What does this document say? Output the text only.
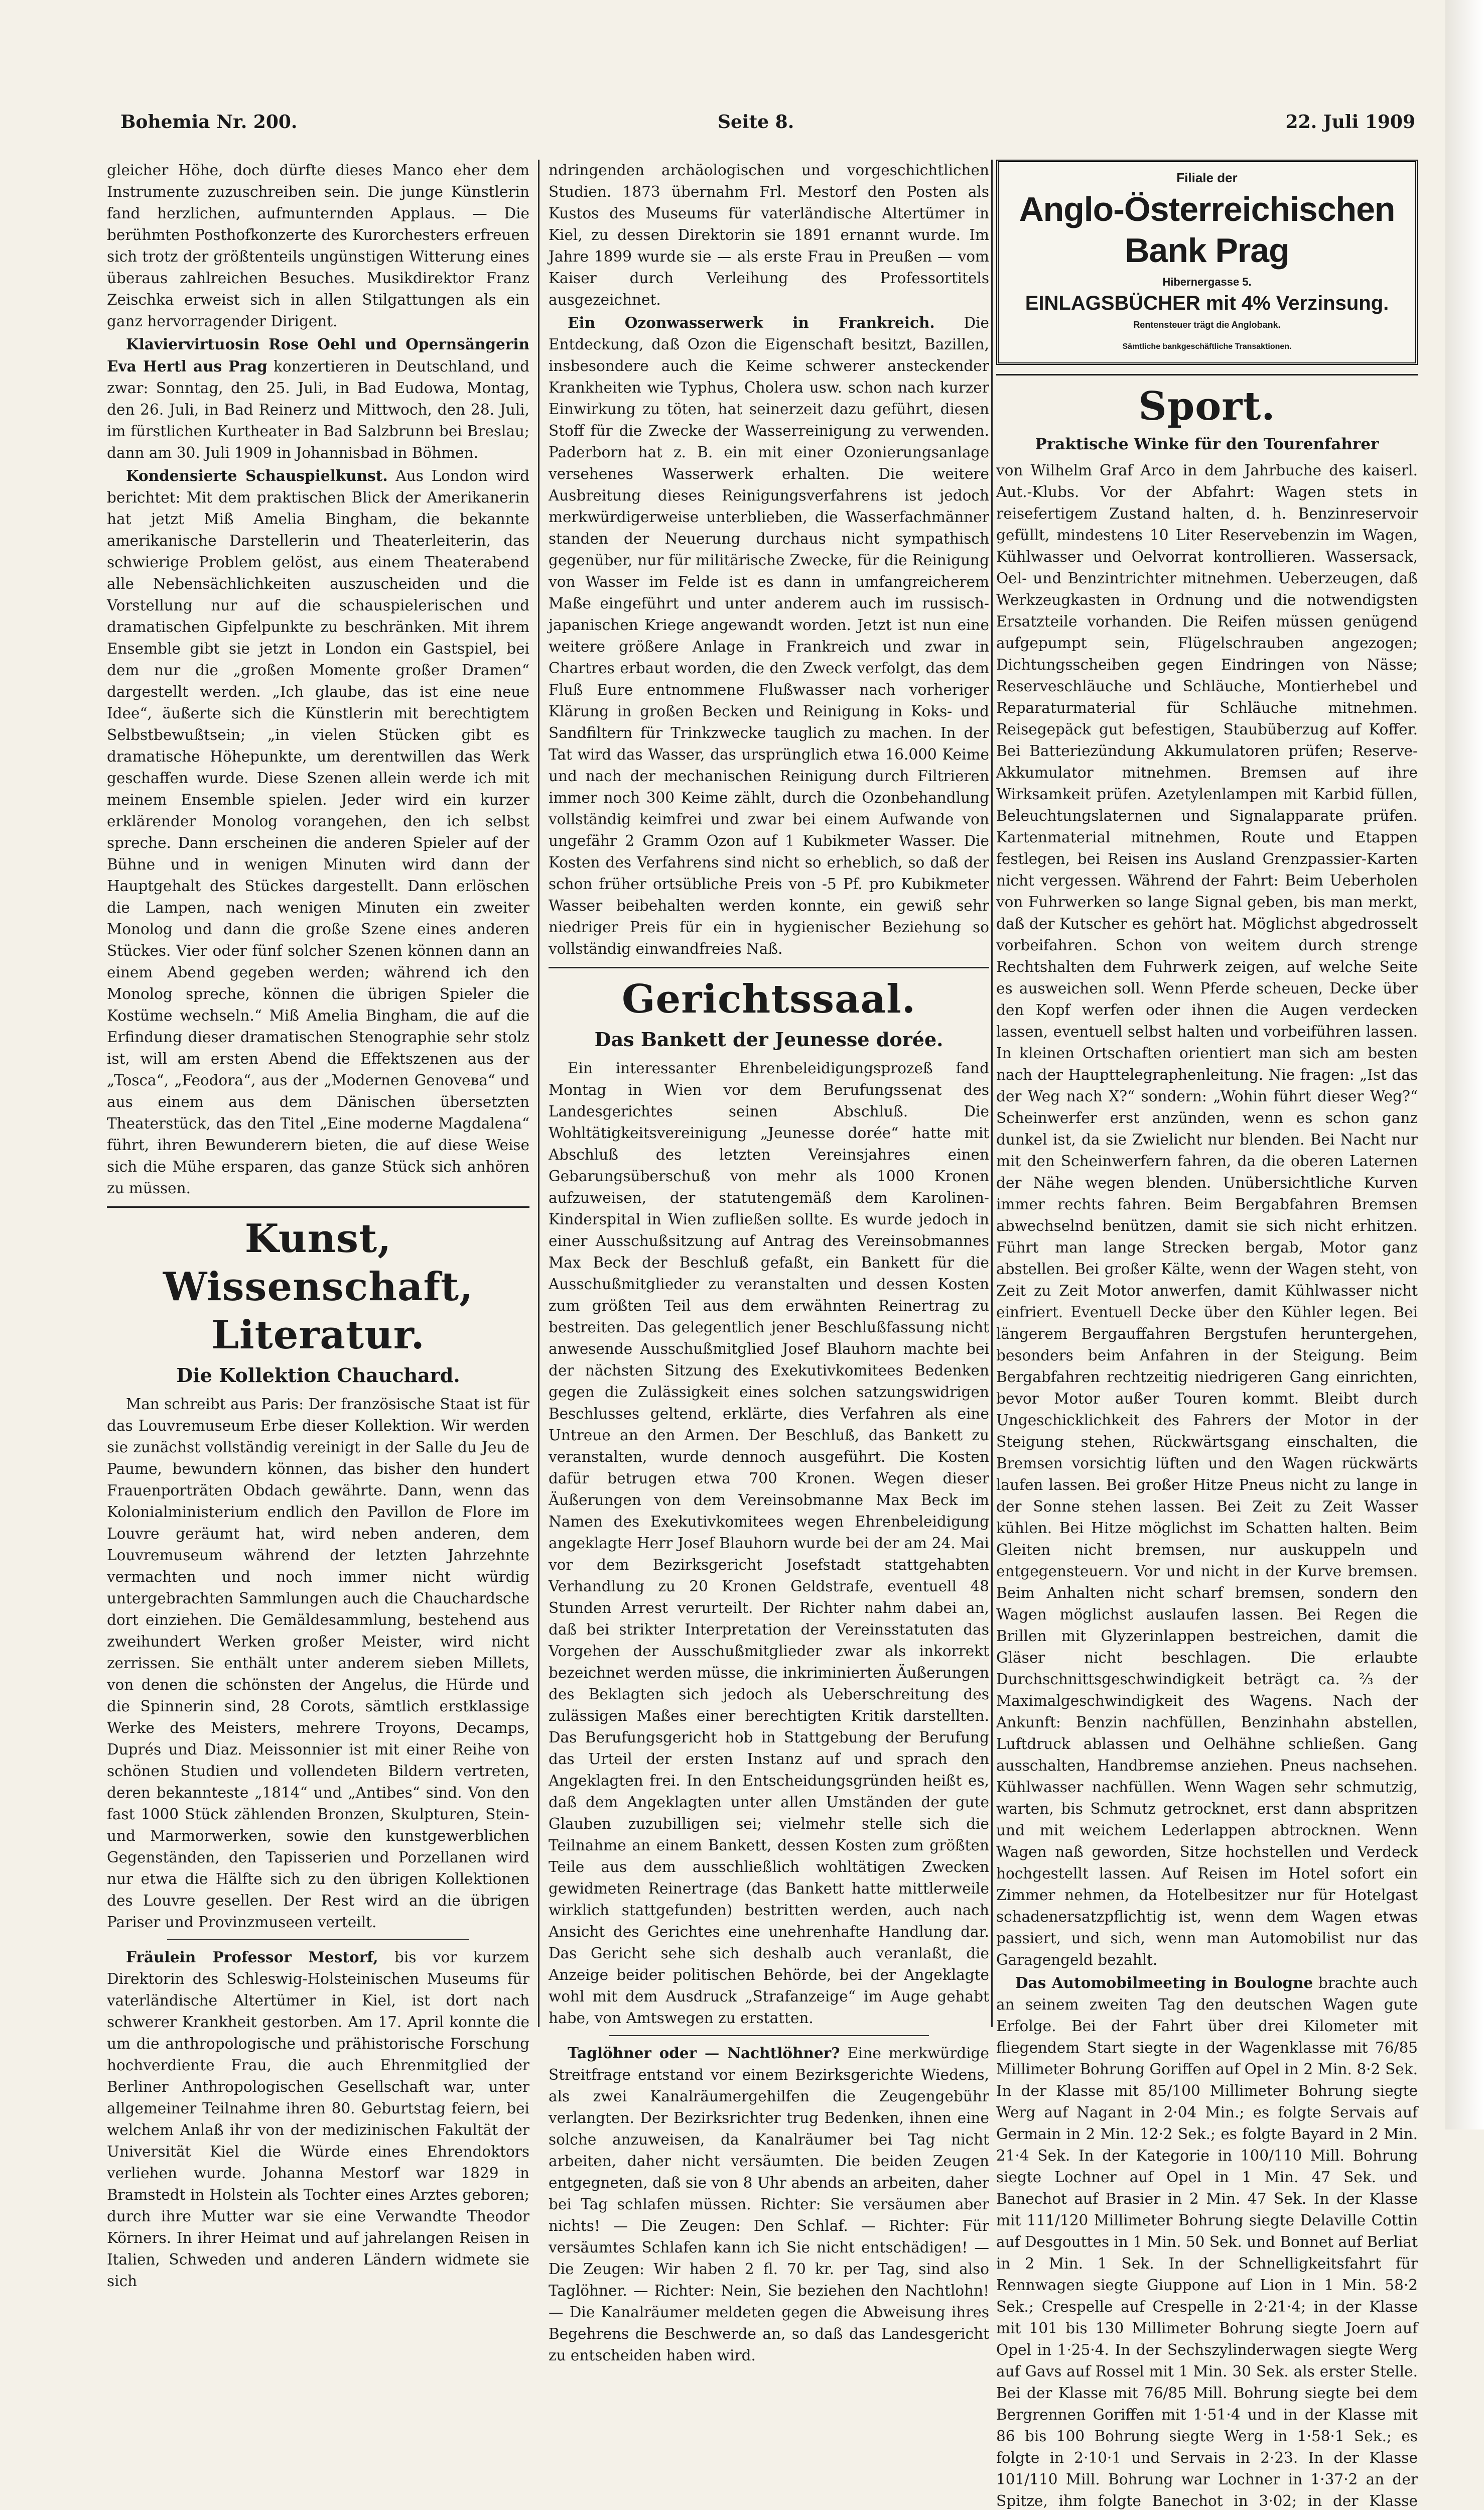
Bohemia Nr. 200.	Seite 8.	22. Juli 1909

gleicher Höhe, doch dürfte dieses Manco eher dem Instrumente zuzuschreiben sein. Die junge Künstlerin fand herzlichen, aufmunternden Applaus. — Die berühmten Posthofkonzerte des Kurorchesters erfreuen sich trotz der größtenteils ungünstigen Witterung eines überaus zahlreichen Besuches. Musikdirektor Franz Zeischka erweist sich in allen Stilgattungen als ein ganz hervorragender Dirigent.

Klaviervirtuosin Rose Oehl und Opernsängerin Eva Hertl aus Prag konzertieren in Deutschland, und zwar: Sonntag, den 25. Juli, in Bad Eudowa, Montag, den 26. Juli, in Bad Reinerz und Mittwoch, den 28. Juli, im fürstlichen Kurtheater in Bad Salzbrunn bei Breslau; dann am 30. Juli 1909 in Johannisbad in Böhmen.

Kondensierte Schauspielkunst. Aus London wird berichtet: Mit dem praktischen Blick der Amerikanerin hat jetzt Miß Amelia Bingham, die bekannte amerikanische Darstellerin und Theaterleiterin, das schwierige Problem gelöst, aus einem Theaterabend alle Nebensächlichkeiten auszuscheiden und die Vorstellung nur auf die schauspielerischen und dramatischen Gipfelpunkte zu beschränken. Mit ihrem Ensemble gibt sie jetzt in London ein Gastspiel, bei dem nur die „großen Momente großer Dramen“ dargestellt werden. „Ich glaube, das ist eine neue Idee“, äußerte sich die Künstlerin mit berechtigtem Selbstbewußtsein; „in vielen Stücken gibt es dramatische Höhepunkte, um derentwillen das Werk geschaffen wurde. Diese Szenen allein werde ich mit meinem Ensemble spielen. Jeder wird ein kurzer erklärender Monolog vorangehen, den ich selbst spreche. Dann erscheinen die anderen Spieler auf der Bühne und in wenigen Minuten wird dann der Hauptgehalt des Stückes dargestellt. Dann erlöschen die Lampen, nach wenigen Minuten ein zweiter Monolog und dann die große Szene eines anderen Stückes. Vier oder fünf solcher Szenen können dann an einem Abend gegeben werden; während ich den Monolog spreche, können die übrigen Spieler die Kostüme wechseln.“ Miß Amelia Bingham, die auf die Erfindung dieser dramatischen Stenographie sehr stolz ist, will am ersten Abend die Effektszenen aus der „Tosca“, „Feodora“, aus der „Modernen Genovева“ und aus einem aus dem Dänischen übersetzten Theaterstück, das den Titel „Eine moderne Magdalena“ führt, ihren Bewunderern bieten, die auf diese Weise sich die Mühe ersparen, das ganze Stück sich anhören zu müssen.

Kunst, Wissenschaft, Literatur.
Die Kollektion Chauchard.

Man schreibt aus Paris: Der französische Staat ist für das Louvremuseum Erbe dieser Kollektion. Wir werden sie zunächst vollständig vereinigt in der Salle du Jeu de Paume, bewundern können, das bisher den hundert Frauenporträten Obdach gewährte. Dann, wenn das Kolonialministerium endlich den Pavillon de Flore im Louvre geräumt hat, wird neben anderen, dem Louvremuseum während der letzten Jahrzehnte vermachten und noch immer nicht würdig untergebrachten Sammlungen auch die Chauchardsche dort einziehen. Die Gemäldesammlung, bestehend aus zweihundert Werken großer Meister, wird nicht zerrissen. Sie enthält unter anderem sieben Millets, von denen die schönsten der Angelus, die Hürde und die Spinnerin sind, 28 Corots, sämtlich erstklassige Werke des Meisters, mehrere Troyons, Decamps, Duprés und Diaz. Meissonnier ist mit einer Reihe von schönen Studien und vollendeten Bildern vertreten, deren bekannteste „1814“ und „Antibes“ sind. Von den fast 1000 Stück zählenden Bronzen, Skulpturen, Stein- und Marmorwerken, sowie den kunstgewerblichen Gegenständen, den Tapisserien und Porzellanen wird nur etwa die Hälfte sich zu den übrigen Kollektionen des Louvre gesellen. Der Rest wird an die übrigen Pariser und Provinzmuseen verteilt.

Fräulein Professor Mestorf, bis vor kurzem Direktorin des Schleswig-Holsteinischen Museums für vaterländische Altertümer in Kiel, ist dort nach schwerer Krankheit gestorben. Am 17. April konnte die um die anthropologische und prähistorische Forschung hochverdiente Frau, die auch Ehrenmitglied der Berliner Anthropologischen Gesellschaft war, unter allgemeiner Teilnahme ihren 80. Geburtstag feiern, bei welchem Anlaß ihr von der medizinischen Fakultät der Universität Kiel die Würde eines Ehrendoktors verliehen wurde. Johanna Mestorf war 1829 in Bramstedt in Holstein als Tochter eines Arztes geboren; durch ihre Mutter war sie eine Verwandte Theodor Körners. In ihrer Heimat und auf jahrelangen Reisen in Italien, Schweden und anderen Ländern widmete sie sich

ndringenden archäologischen und vorgeschichtlichen Studien. 1873 übernahm Frl. Mestorf den Posten als Kustos des Museums für vaterländische Altertümer in Kiel, zu dessen Direktorin sie 1891 ernannt wurde. Im Jahre 1899 wurde sie — als erste Frau in Preußen — vom Kaiser durch Verleihung des Professortitels ausgezeichnet.

Ein Ozonwasserwerk in Frankreich. Die Entdeckung, daß Ozon die Eigenschaft besitzt, Bazillen, insbesondere auch die Keime schwerer ansteckender Krankheiten wie Typhus, Cholera usw. schon nach kurzer Einwirkung zu töten, hat seinerzeit dazu geführt, diesen Stoff für die Zwecke der Wasserreinigung zu verwenden. Paderborn hat z. B. ein mit einer Ozonierungsanlage versehenes Wasserwerk erhalten. Die weitere Ausbreitung dieses Reinigungsverfahrens ist jedoch merkwürdigerweise unterblieben, die Wasserfachmänner standen der Neuerung durchaus nicht sympathisch gegenüber, nur für militärische Zwecke, für die Reinigung von Wasser im Felde ist es dann in umfangreicherem Maße eingeführt und unter anderem auch im russisch-japanischen Kriege angewandt worden. Jetzt ist nun eine weitere größere Anlage in Frankreich und zwar in Chartres erbaut worden, die den Zweck verfolgt, das dem Fluß Eure entnommene Flußwasser nach vorheriger Klärung in großen Becken und Reinigung in Koks- und Sandfiltern für Trinkzwecke tauglich zu machen. In der Tat wird das Wasser, das ursprünglich etwa 16.000 Keime und nach der mechanischen Reinigung durch Filtrieren immer noch 300 Keime zählt, durch die Ozonbehandlung vollständig keimfrei und zwar bei einem Aufwande von ungefähr 2 Gramm Ozon auf 1 Kubikmeter Wasser. Die Kosten des Verfahrens sind nicht so erheblich, so daß der schon früher ortsübliche Preis von -5 Pf. pro Kubikmeter Wasser beibehalten werden konnte, ein gewiß sehr niedriger Preis für ein in hygienischer Beziehung so vollständig einwandfreies Naß.

Gerichtssaal.
Das Bankett der Jeunesse dorée.

Ein interessanter Ehrenbeleidigungsprozeß fand Montag in Wien vor dem Berufungssenat des Landesgerichtes seinen Abschluß. Die Wohltätigkeitsvereinigung „Jeunesse dorée“ hatte mit Abschluß des letzten Vereinsjahres einen Gebarungsüberschuß von mehr als 1000 Kronen aufzuweisen, der statutengemäß dem Karolinen-Kinderspital in Wien zufließen sollte. Es wurde jedoch in einer Ausschußsitzung auf Antrag des Vereinsobmannes Max Beck der Beschluß gefaßt, ein Bankett für die Ausschußmitglieder zu veranstalten und dessen Kosten zum größten Teil aus dem erwähnten Reinertrag zu bestreiten. Das gelegentlich jener Beschlußfassung nicht anwesende Ausschußmitglied Josef Blauhorn machte bei der nächsten Sitzung des Exekutivkomitees Bedenken gegen die Zulässigkeit eines solchen satzungswidrigen Beschlusses geltend, erklärte, dies Verfahren als eine Untreue an den Armen. Der Beschluß, das Bankett zu veranstalten, wurde dennoch ausgeführt. Die Kosten dafür betrugen etwa 700 Kronen. Wegen dieser Äußerungen von dem Vereinsobmanne Max Beck im Namen des Exekutivkomitees wegen Ehrenbeleidigung angeklagte Herr Josef Blauhorn wurde bei der am 24. Mai vor dem Bezirksgericht Josefstadt stattgehabten Verhandlung zu 20 Kronen Geldstrafe, eventuell 48 Stunden Arrest verurteilt. Der Richter nahm dabei an, daß bei strikter Interpretation der Vereinsstatuten das Vorgehen der Ausschußmitglieder zwar als inkorrekt bezeichnet werden müsse, die inkriminierten Äußerungen des Beklagten sich jedoch als Ueberschreitung des zulässigen Maßes einer berechtigten Kritik darstellten. Das Berufungsgericht hob in Stattgebung der Berufung das Urteil der ersten Instanz auf und sprach den Angeklagten frei. In den Entscheidungsgründen heißt es, daß dem Angeklagten unter allen Umständen der gute Glauben zuzubilligen sei; vielmehr stelle sich die Teilnahme an einem Bankett, dessen Kosten zum größten Teile aus dem ausschließlich wohltätigen Zwecken gewidmeten Reinertrage (das Bankett hatte mittlerweile wirklich stattgefunden) bestritten werden, auch nach Ansicht des Gerichtes eine unehrenhafte Handlung dar. Das Gericht sehe sich deshalb auch veranlaßt, die Anzeige beider politischen Behörde, bei der Angeklagte wohl mit dem Ausdruck „Strafanzeige“ im Auge gehabt habe, von Amtswegen zu erstatten.

Taglöhner oder — Nachtlöhner? Eine merkwürdige Streitfrage entstand vor einem Bezirksgerichte Wiedens, als zwei Kanalräumergehilfen die Zeugengebühr verlangten. Der Bezirksrichter trug Bedenken, ihnen eine solche anzuweisen, da Kanalräumer bei Tag nicht arbeiten, daher nicht versäumten. Die beiden Zeugen entgegneten, daß sie von 8 Uhr abends an arbeiten, daher bei Tag schlafen müssen. Richter: Sie versäumen aber nichts! — Die Zeugen: Den Schlaf. — Richter: Für versäumtes Schlafen kann ich Sie nicht entschädigen! — Die Zeugen: Wir haben 2 fl. 70 kr. per Tag, sind also Taglöhner. — Richter: Nein, Sie beziehen den Nachtlohn! — Die Kanalräumer meldeten gegen die Abweisung ihres Begehrens die Beschwerde an, so daß das Landesgericht zu entscheiden haben wird.

Filiale der
Anglo-Österreichischen Bank Prag
Hibernergasse 5.
EINLAGSBÜCHER mit 4% Verzinsung.
Rentensteuer trägt die Anglobank.
Sämtliche bankgeschäftliche Transaktionen.
Sport.
Praktische Winke für den Tourenfahrer

von Wilhelm Graf Arco in dem Jahrbuche des kaiserl. Aut.-Klubs. Vor der Abfahrt: Wagen stets in reisefertigem Zustand halten, d. h. Benzinreservoir gefüllt, mindestens 10 Liter Reservebenzin im Wagen, Kühlwasser und Oelvorrat kontrollieren. Wassersack, Oel- und Benzintrichter mitnehmen. Ueberzeugen, daß Werkzeugkasten in Ordnung und die notwendigsten Ersatzteile vorhanden. Die Reifen müssen genügend aufgepumpt sein, Flügelschrauben angezogen; Dichtungsscheiben gegen Eindringen von Nässe; Reserveschläuche und Schläuche, Montierhebel und Reparaturmaterial für Schläuche mitnehmen. Reisegepäck gut befestigen, Staubüberzug auf Koffer. Bei Batteriezündung Akkumulatoren prüfen; Reserve-Akkumulator mitnehmen. Bremsen auf ihre Wirksamkeit prüfen. Azetylenlampen mit Karbid füllen, Beleuchtungslaternen und Signalapparate prüfen. Kartenmaterial mitnehmen, Route und Etappen festlegen, bei Reisen ins Ausland Grenzpassier-Karten nicht vergessen. Während der Fahrt: Beim Ueberholen von Fuhrwerken so lange Signal geben, bis man merkt, daß der Kutscher es gehört hat. Möglichst abgedrosselt vorbeifahren. Schon von weitem durch strenge Rechtshalten dem Fuhrwerk zeigen, auf welche Seite es ausweichen soll. Wenn Pferde scheuen, Decke über den Kopf werfen oder ihnen die Augen verdecken lassen, eventuell selbst halten und vorbeiführen lassen. In kleinen Ortschaften orientiert man sich am besten nach der Haupttelegraphenleitung. Nie fragen: „Ist das der Weg nach X?“ sondern: „Wohin führt dieser Weg?“ Scheinwerfer erst anzünden, wenn es schon ganz dunkel ist, da sie Zwielicht nur blenden. Bei Nacht nur mit den Scheinwerfern fahren, da die oberen Laternen der Nähe wegen blenden. Unübersichtliche Kurven immer rechts fahren. Beim Bergabfahren Bremsen abwechselnd benützen, damit sie sich nicht erhitzen. Führt man lange Strecken bergab, Motor ganz abstellen. Bei großer Kälte, wenn der Wagen steht, von Zeit zu Zeit Motor anwerfen, damit Kühlwasser nicht einfriert. Eventuell Decke über den Kühler legen. Bei längerem Bergauffahren Bergstufen heruntergehen, besonders beim Anfahren in der Steigung. Beim Bergabfahren rechtzeitig niedrigeren Gang einrichten, bevor Motor außer Touren kommt. Bleibt durch Ungeschicklichkeit des Fahrers der Motor in der Steigung stehen, Rückwärtsgang einschalten, die Bremsen vorsichtig lüften und den Wagen rückwärts laufen lassen. Bei großer Hitze Pneus nicht zu lange in der Sonne stehen lassen. Bei Zeit zu Zeit Wasser kühlen. Bei Hitze möglichst im Schatten halten. Beim Gleiten nicht bremsen, nur auskuppeln und entgegensteuern. Vor und nicht in der Kurve bremsen. Beim Anhalten nicht scharf bremsen, sondern den Wagen möglichst auslaufen lassen. Bei Regen die Brillen mit Glyzerinlappen bestreichen, damit die Gläser nicht beschlagen. Die erlaubte Durchschnittsgeschwindigkeit beträgt ca. ⅔ der Maximalgeschwindigkeit des Wagens. Nach der Ankunft: Benzin nachfüllen, Benzinhahn abstellen, Luftdruck ablassen und Oelhähne schließen. Gang ausschalten, Handbremse anziehen. Pneus nachsehen. Kühlwasser nachfüllen. Wenn Wagen sehr schmutzig, warten, bis Schmutz getrocknet, erst dann abspritzen und mit weichem Lederlappen abtrocknen. Wenn Wagen naß geworden, Sitze hochstellen und Verdeck hochgestellt lassen. Auf Reisen im Hotel sofort ein Zimmer nehmen, da Hotelbesitzer nur für Hotelgast schadenersatzpflichtig ist, wenn dem Wagen etwas passiert, und sich, wenn man Automobilist nur das Garagengeld bezahlt.

Das Automobilmeeting in Boulogne brachte auch an seinem zweiten Tag den deutschen Wagen gute Erfolge. Bei der Fahrt über drei Kilometer mit fliegendem Start siegte in der Wagenklasse mit 76/85 Millimeter Bohrung Goriffen auf Opel in 2 Min. 8·2 Sek. In der Klasse mit 85/100 Millimeter Bohrung siegte Werg auf Nagant in 2·04 Min.; es folgte Servais auf Germain in 2 Min. 12·2 Sek.; es folgte Bayard in 2 Min. 21·4 Sek. In der Kategorie in 100/110 Mill. Bohrung siegte Lochner auf Opel in 1 Min. 47 Sek. und Banechot auf Brasier in 2 Min. 47 Sek. In der Klasse mit 111/120 Millimeter Bohrung siegte Delaville Cottin auf Desgouttes in 1 Min. 50 Sek. und Bonnet auf Berliat in 2 Min. 1 Sek. In der Schnelligkeitsfahrt für Rennwagen siegte Giuppone auf Lion in 1 Min. 58·2 Sek.; Crespelle auf Crespelle in 2·21·4; in der Klasse mit 101 bis 130 Millimeter Bohrung siegte Joern auf Opel in 1·25·4. In der Sechszylinderwagen siegte Werg auf Gavs auf Rossel mit 1 Min. 30 Sek. als erster Stelle. Bei der Klasse mit 76/85 Mill. Bohrung siegte bei dem Bergrennen Goriffen mit 1·51·4 und in der Klasse mit 86 bis 100 Bohrung siegte Werg in 1·58·1 Sek.; es folgte in 2·10·1 und Servais in 2·23. In der Klasse 101/110 Mill. Bohrung war Lochner in 1·37·2 an der Spitze, ihm folgte Banechot in 3·02; in der Klasse
